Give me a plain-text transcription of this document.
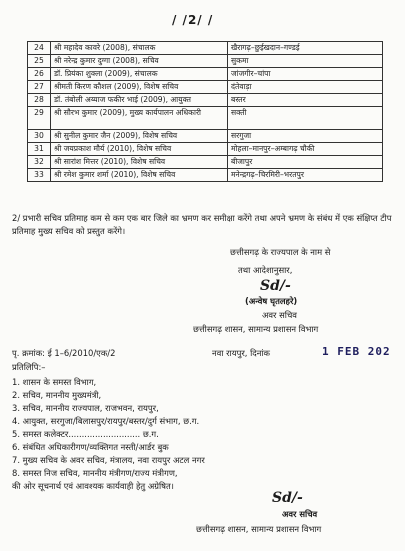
/ /2/ /
24	श्री महादेव कावरे (2008), संचालक	खैरागढ़–छुईखदान–गण्डई
25	श्री नरेन्द्र कुमार दुग्गा (2008), सचिव	सुकमा
26	डॉ. प्रियंका शुक्ला (2009), संचालक	जांजगीर–चांपा
27	श्रीमती किरण कौशल (2009), विशेष सचिव	दंतेवाड़ा
28	डॉ. तंबोली अय्याज फकीर भाई (2009), आयुक्त	बस्तर
29	श्री सौरभ कुमार (2009), मुख्य कार्यपालन अधिकारी	सक्ती
30	श्री सुनील कुमार जैन (2009), विशेष सचिव	सरगुजा
31	श्री जयप्रकाश मौर्य (2010), विशेष सचिव	मोहला–मानपुर–अम्बागढ़ चौकी
32	श्री सारांश मित्तर (2010), विशेष सचिव	बीजापुर
33	श्री रमेश कुमार शर्मा (2010), विशेष सचिव	मनेन्द्रगढ़–चिरमिरी–भरतपुर
2/ प्रभारी सचिव प्रतिमाह कम से कम एक बार जिले का भ्रमण कर समीक्षा करेंगे तथा अपने भ्रमण के संबंध में एक संक्षिप्त टीप प्रतिमाह मुख्य सचिव को प्रस्तुत करेंगे।
छत्तीसगढ़ के राज्यपाल के नाम से
तथा आदेशानुसार,
Sd/-
(अन्वेष घृतलहरे)
अवर सचिव
छत्तीसगढ़ शासन, सामान्य प्रशासन विभाग
पृ. क्रमांक: ई 1–6/2010/एक/2	नवा रायपुर, दिनांक	1 FEB 202
प्रतिलिपि:–
1. शासन के समस्त विभाग,
2. सचिव, माननीय मुख्यमंत्री,
3. सचिव, माननीय राज्यपाल, राजभवन, रायपुर,
4. आयुक्त, सरगुजा/बिलासपुर/रायपुर/बस्तर/दुर्ग संभाग, छ.ग.
5. समस्त कलेक्टर........................... छ.ग.
6. संबंधित अधिकारीगण/व्यक्तिगत नस्ती/आर्डर बुक
7. मुख्य सचिव के अवर सचिव, मंत्रालय, नवा रायपुर अटल नगर
8. समस्त निज सचिव, माननीय मंत्रीगण/राज्य मंत्रीगण,
की ओर सूचनार्थ एवं आवश्यक कार्यवाही हेतु अग्रेषित।
Sd/-
अवर सचिव
छत्तीसगढ़ शासन, सामान्य प्रशासन विभाग
